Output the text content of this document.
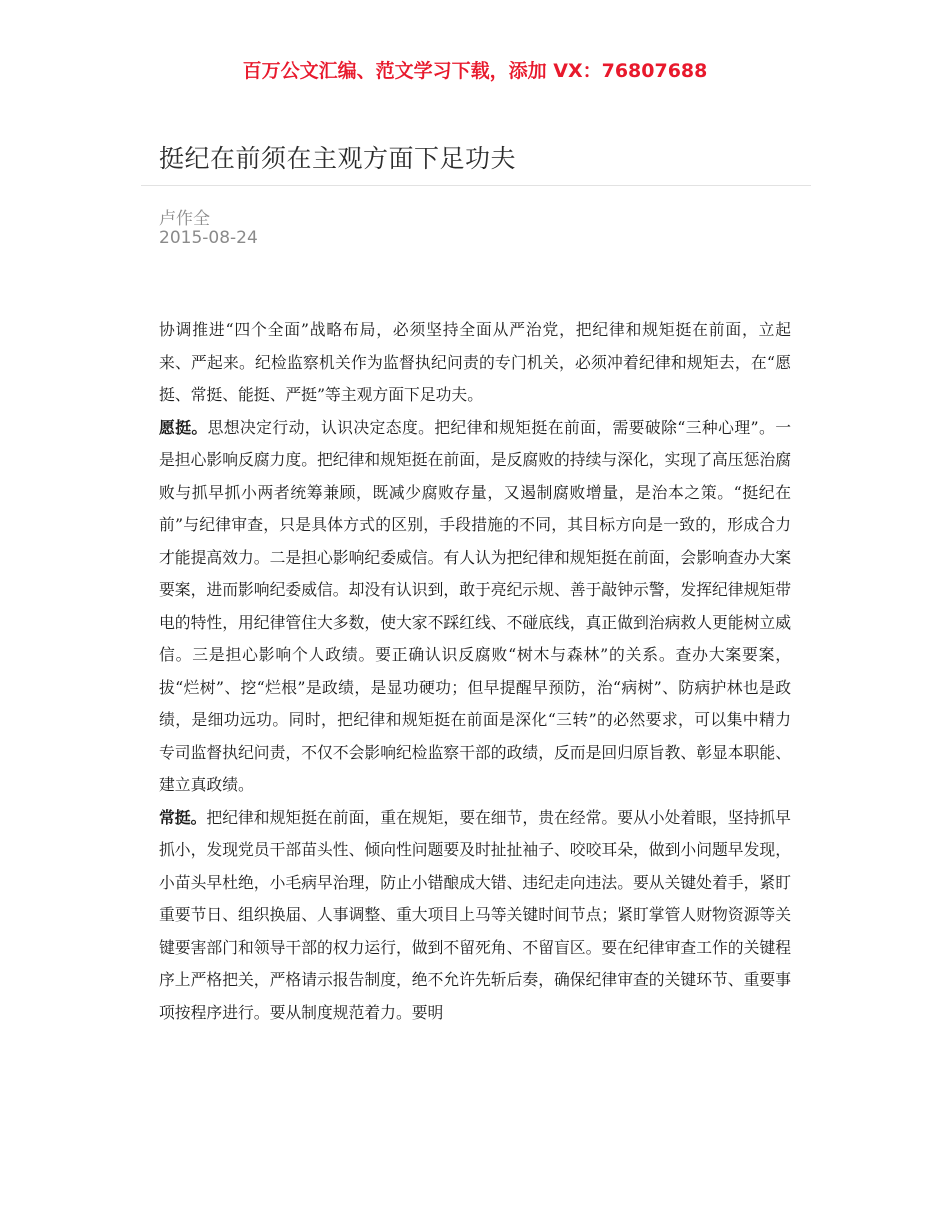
百万公文汇编、范文学习下载，添加 VX：76807688
挺纪在前须在主观方面下足功夫
卢作全
2015-08-24

协调推进“四个全面”战略布局，必须坚持全面从严治党，把纪律和规矩挺在前面，立起来、严起来。纪检监察机关作为监督执纪问责的专门机关，必须冲着纪律和规矩去，在“愿挺、常挺、能挺、严挺”等主观方面下足功夫。

愿挺。思想决定行动，认识决定态度。把纪律和规矩挺在前面，需要破除“三种心理”。一是担心影响反腐力度。把纪律和规矩挺在前面，是反腐败的持续与深化，实现了高压惩治腐败与抓早抓小两者统筹兼顾，既减少腐败存量，又遏制腐败增量，是治本之策。“挺纪在前”与纪律审查，只是具体方式的区别，手段措施的不同，其目标方向是一致的，形成合力才能提高效力。二是担心影响纪委威信。有人认为把纪律和规矩挺在前面，会影响查办大案要案，进而影响纪委威信。却没有认识到，敢于亮纪示规、善于敲钟示警，发挥纪律规矩带电的特性，用纪律管住大多数，使大家不踩红线、不碰底线，真正做到治病救人更能树立威信。三是担心影响个人政绩。要正确认识反腐败“树木与森林”的关系。查办大案要案，拔“烂树”、挖“烂根”是政绩，是显功硬功；但早提醒早预防，治“病树”、防病护林也是政绩，是细功远功。同时，把纪律和规矩挺在前面是深化“三转”的必然要求，可以集中精力专司监督执纪问责，不仅不会影响纪检监察干部的政绩，反而是回归原旨教、彰显本职能、建立真政绩。

常挺。把纪律和规矩挺在前面，重在规矩，要在细节，贵在经常。要从小处着眼，坚持抓早抓小，发现党员干部苗头性、倾向性问题要及时扯扯袖子、咬咬耳朵，做到小问题早发现，小苗头早杜绝，小毛病早治理，防止小错酿成大错、违纪走向违法。要从关键处着手，紧盯重要节日、组织换届、人事调整、重大项目上马等关键时间节点；紧盯掌管人财物资源等关键要害部门和领导干部的权力运行，做到不留死角、不留盲区。要在纪律审查工作的关键程序上严格把关，严格请示报告制度，绝不允许先斩后奏，确保纪律审查的关键环节、重要事项按程序进行。要从制度规范着力。要明
